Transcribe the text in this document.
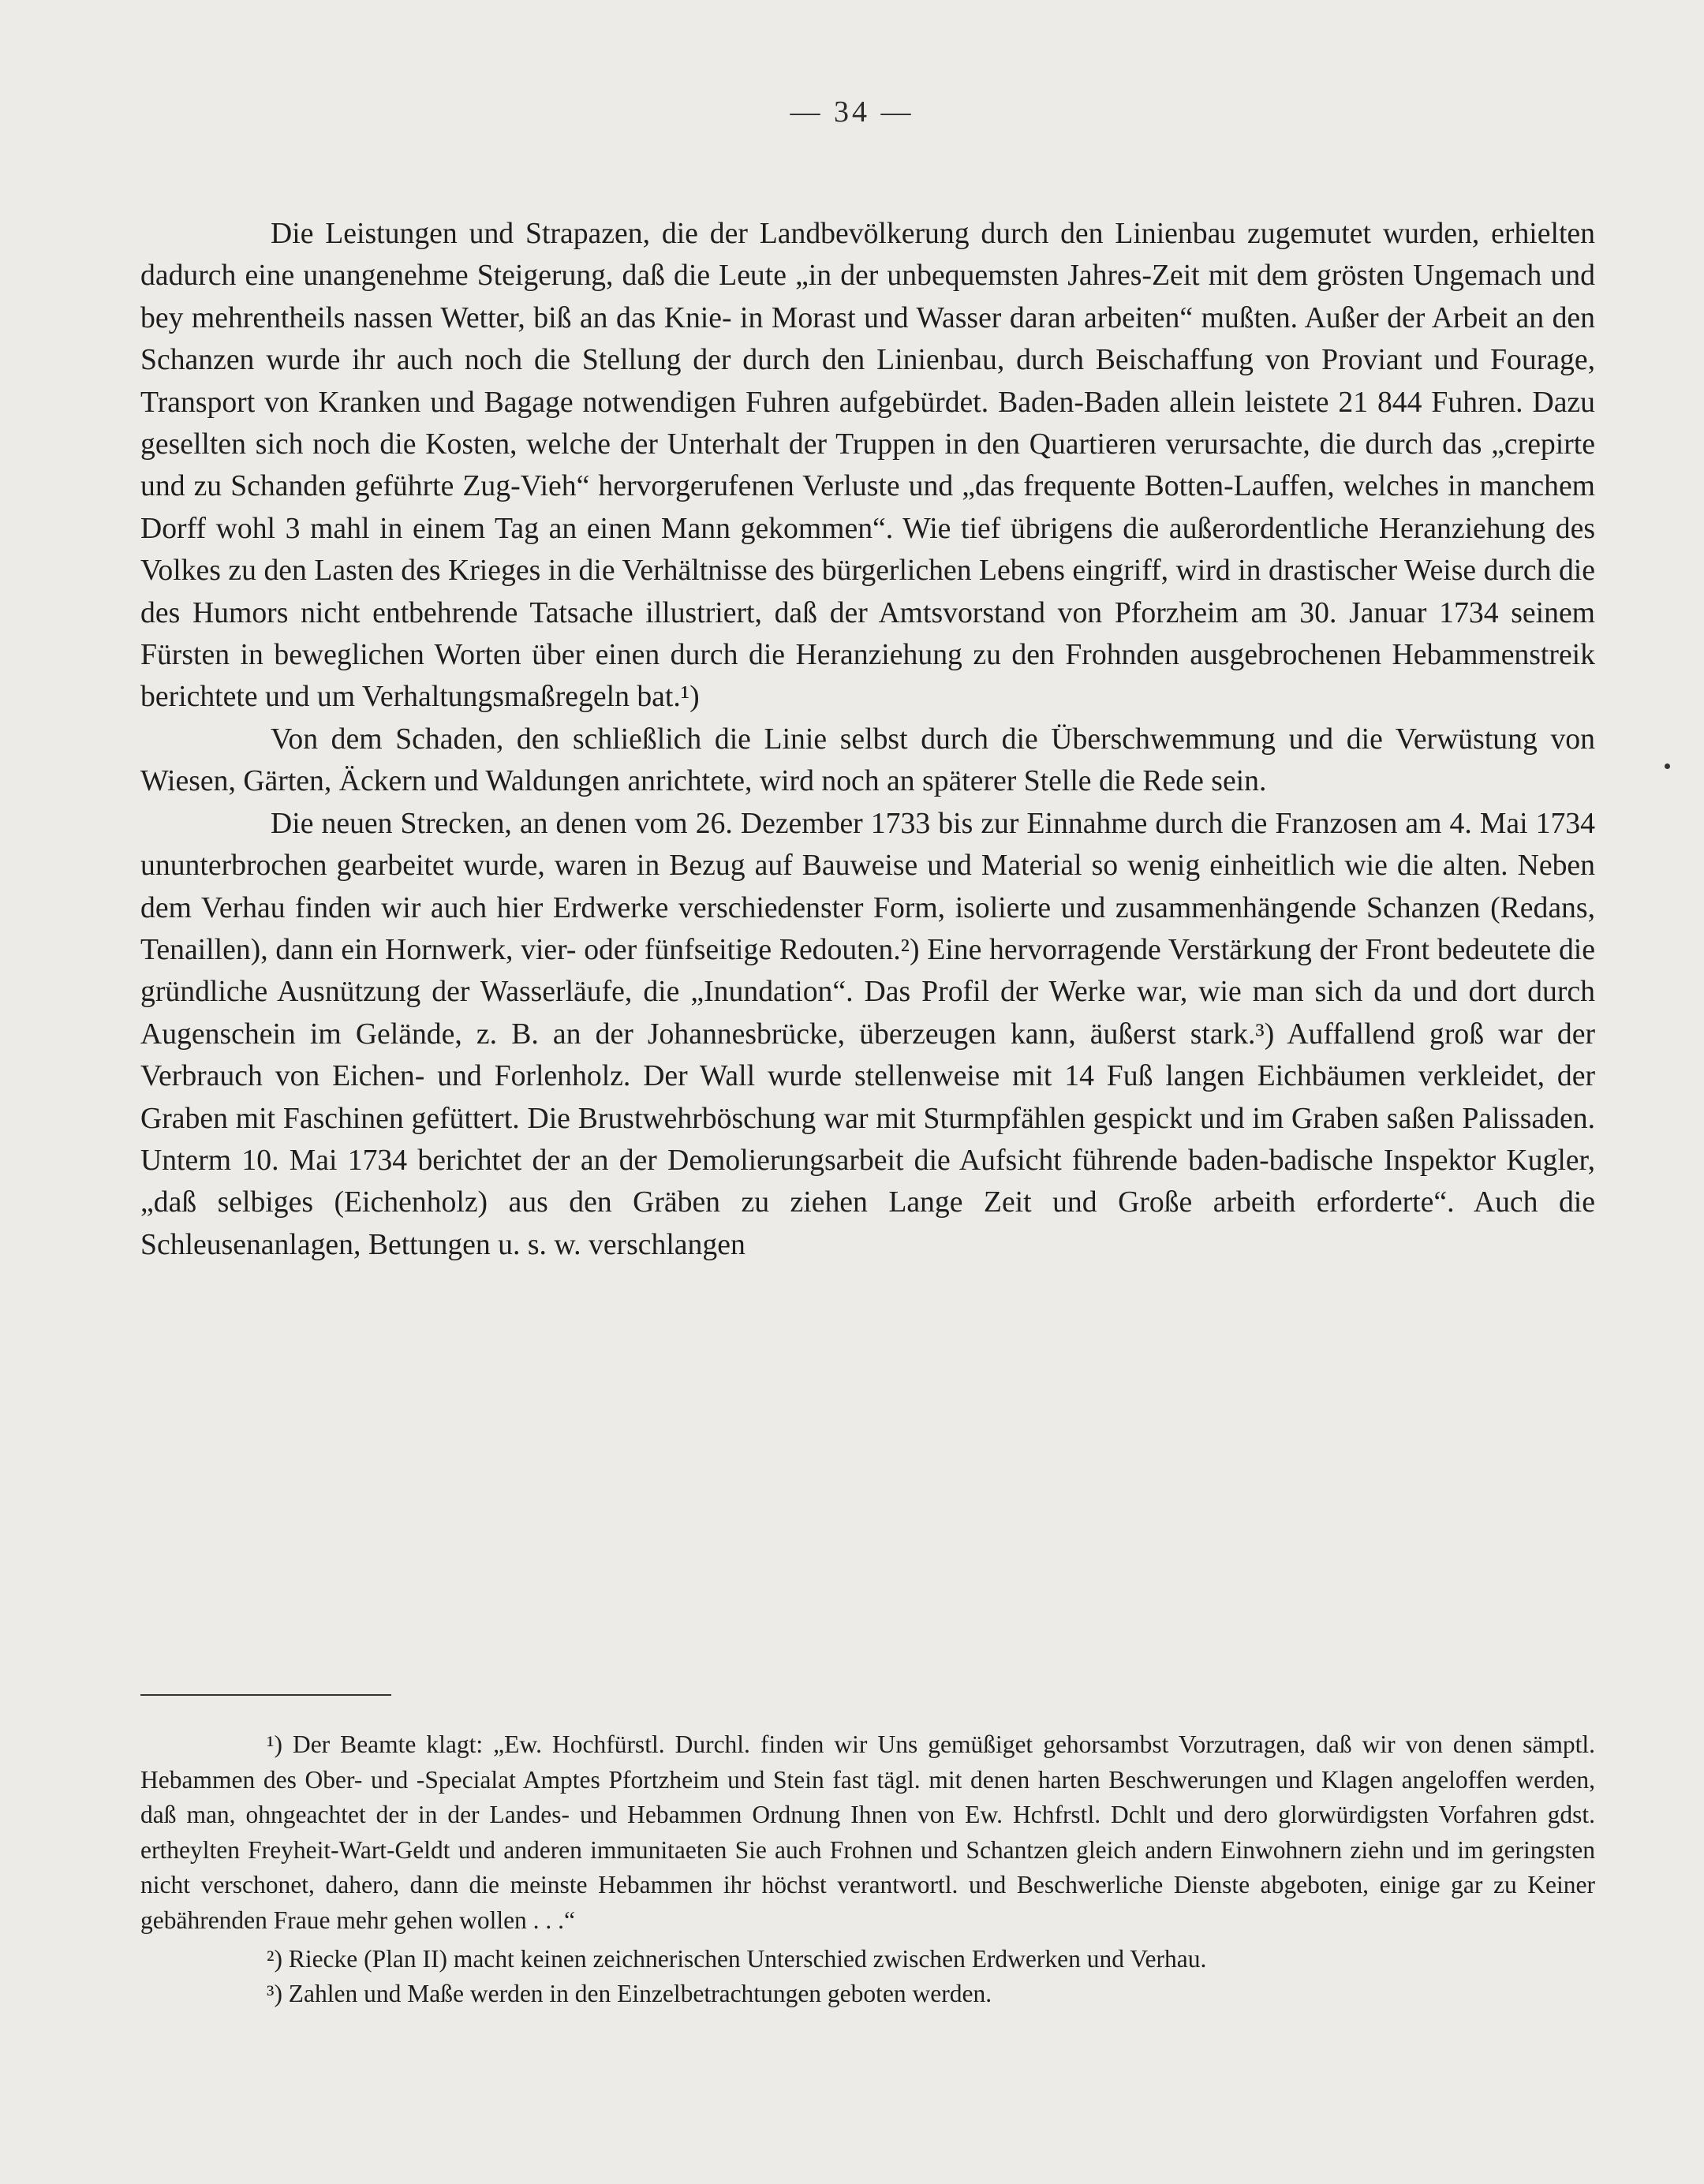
— 34 —

Die Leistungen und Strapazen, die der Landbevölkerung durch den Linienbau zugemutet wurden, erhielten dadurch eine unangenehme Steigerung, daß die Leute „in der unbequemsten Jahres-Zeit mit dem grösten Ungemach und bey mehrentheils nassen Wetter, biß an das Knie- in Morast und Wasser daran arbeiten“ mußten. Außer der Arbeit an den Schanzen wurde ihr auch noch die Stellung der durch den Linienbau, durch Beischaffung von Proviant und Fourage, Transport von Kranken und Bagage notwendigen Fuhren aufgebürdet. Baden-Baden allein leistete 21 844 Fuhren. Dazu gesellten sich noch die Kosten, welche der Unterhalt der Truppen in den Quartieren verursachte, die durch das „crepirte und zu Schanden geführte Zug-Vieh“ hervorgerufenen Verluste und „das frequente Botten-Lauffen, welches in manchem Dorff wohl 3 mahl in einem Tag an einen Mann gekommen“. Wie tief übrigens die außerordentliche Heranziehung des Volkes zu den Lasten des Krieges in die Verhältnisse des bürgerlichen Lebens eingriff, wird in drastischer Weise durch die des Humors nicht entbehrende Tatsache illustriert, daß der Amtsvorstand von Pforzheim am 30. Januar 1734 seinem Fürsten in beweglichen Worten über einen durch die Heranziehung zu den Frohnden ausgebrochenen Hebammenstreik berichtete und um Verhaltungsmaßregeln bat.¹)

Von dem Schaden, den schließlich die Linie selbst durch die Überschwemmung und die Verwüstung von Wiesen, Gärten, Äckern und Waldungen anrichtete, wird noch an späterer Stelle die Rede sein.

Die neuen Strecken, an denen vom 26. Dezember 1733 bis zur Einnahme durch die Franzosen am 4. Mai 1734 ununterbrochen gearbeitet wurde, waren in Bezug auf Bauweise und Material so wenig einheitlich wie die alten. Neben dem Verhau finden wir auch hier Erdwerke verschiedenster Form, isolierte und zusammenhängende Schanzen (Redans, Tenaillen), dann ein Hornwerk, vier- oder fünfseitige Redouten.²) Eine hervorragende Verstärkung der Front bedeutete die gründliche Ausnützung der Wasserläufe, die „Inundation“. Das Profil der Werke war, wie man sich da und dort durch Augenschein im Gelände, z. B. an der Johannesbrücke, überzeugen kann, äußerst stark.³) Auffallend groß war der Verbrauch von Eichen- und Forlenholz. Der Wall wurde stellenweise mit 14 Fuß langen Eichbäumen verkleidet, der Graben mit Faschinen gefüttert. Die Brustwehrböschung war mit Sturmpfählen gespickt und im Graben saßen Palissaden. Unterm 10. Mai 1734 berichtet der an der Demolierungsarbeit die Aufsicht führende baden-badische Inspektor Kugler, „daß selbiges (Eichenholz) aus den Gräben zu ziehen Lange Zeit und Große arbeith erforderte“. Auch die Schleusenanlagen, Bettungen u. s. w. verschlangen

¹) Der Beamte klagt: „Ew. Hochfürstl. Durchl. finden wir Uns gemüßiget gehorsambst Vorzutragen, daß wir von denen sämptl. Hebammen des Ober- und -Specialat Amptes Pfortzheim und Stein fast tägl. mit denen harten Beschwerungen und Klagen angeloffen werden, daß man, ohngeachtet der in der Landes- und Hebammen Ordnung Ihnen von Ew. Hchfrstl. Dchlt und dero glorwürdigsten Vorfahren gdst. ertheylten Freyheit-Wart-Geldt und anderen immunitaeten Sie auch Frohnen und Schantzen gleich andern Einwohnern ziehn und im geringsten nicht verschonet, dahero, dann die meinste Hebammen ihr höchst verantwortl. und Beschwerliche Dienste abgeboten, einige gar zu Keiner gebährenden Fraue mehr gehen wollen . . .“

²) Riecke (Plan II) macht keinen zeichnerischen Unterschied zwischen Erdwerken und Verhau.

³) Zahlen und Maße werden in den Einzelbetrachtungen geboten werden.
